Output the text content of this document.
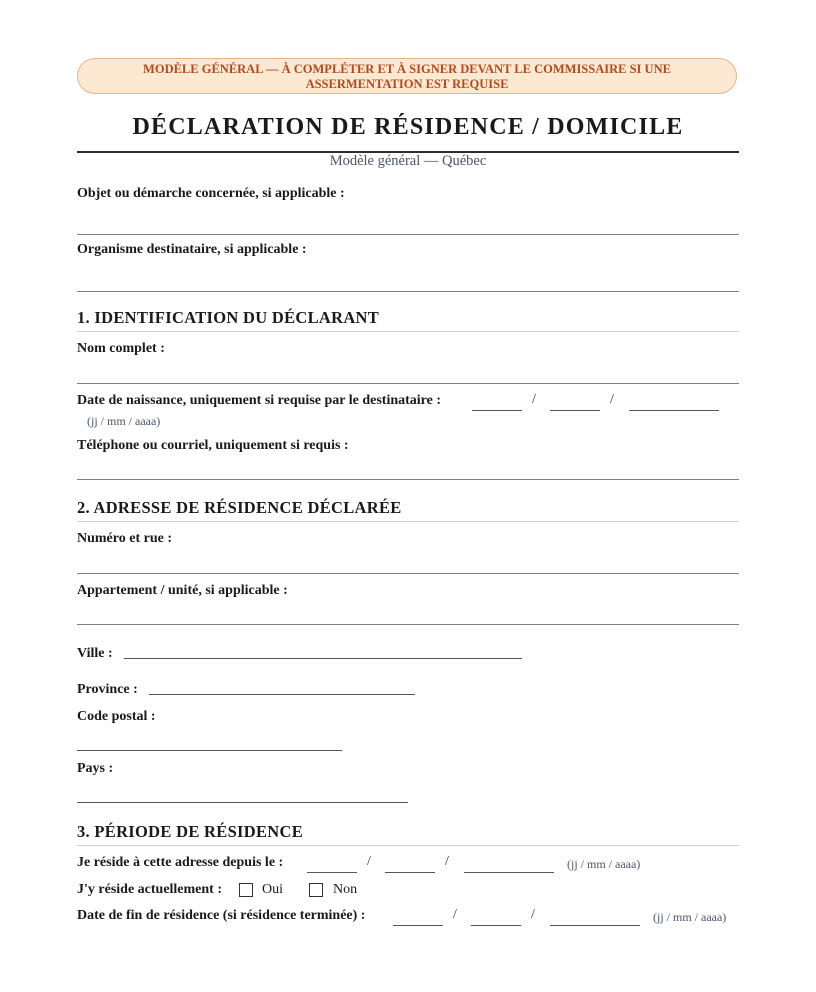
MODÈLE GÉNÉRAL — À COMPLÉTER ET À SIGNER DEVANT LE COMMISSAIRE SI UNE
ASSERMENTATION EST REQUISE
DÉCLARATION DE RÉSIDENCE / DOMICILE
Modèle général — Québec
Objet ou démarche concernée, si applicable :
Organisme destinataire, si applicable :
1. IDENTIFICATION DU DÉCLARANT
Nom complet :
Date de naissance, uniquement si requise par le destinataire :	/	/
(jj / mm / aaaa)
Téléphone ou courriel, uniquement si requis :
2. ADRESSE DE RÉSIDENCE DÉCLARÉE
Numéro et rue :
Appartement / unité, si applicable :
Ville :
Province :
Code postal :
Pays :
3. PÉRIODE DE RÉSIDENCE
Je réside à cette adresse depuis le :	/	/	(jj / mm / aaaa)
J'y réside actuellement :	Oui	Non
Date de fin de résidence (si résidence terminée) :	/	/	(jj / mm / aaaa)
